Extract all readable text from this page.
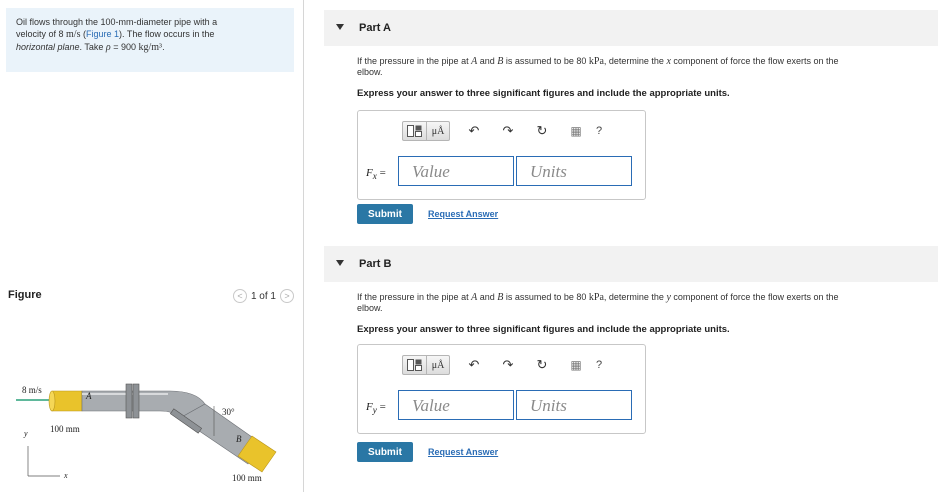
Oil flows through the 100-mm-diameter pipe with a
velocity of 8 m/s (Figure 1). The flow occurs in the
horizontal plane. Take ρ = 900 kg/m³.
Figure	< 1 of 1 >
8 m/s
30°
A
B
100 mm
100 mm
y
x
Part A
If the pressure in the pipe at A and B is assumed to be 80 kPa, determine the x component of force the flow exerts on the
elbow.
Express your answer to three significant figures and include the appropriate units.
μÅ	↶	↷	↻	▦	?
$F_x$ =	Value	Units
Submit	Request Answer
Part B
If the pressure in the pipe at A and B is assumed to be 80 kPa, determine the y component of force the flow exerts on the
elbow.
Express your answer to three significant figures and include the appropriate units.
μÅ	↶	↷	↻	▦	?
$F_y$ =	Value	Units
Submit	Request Answer
